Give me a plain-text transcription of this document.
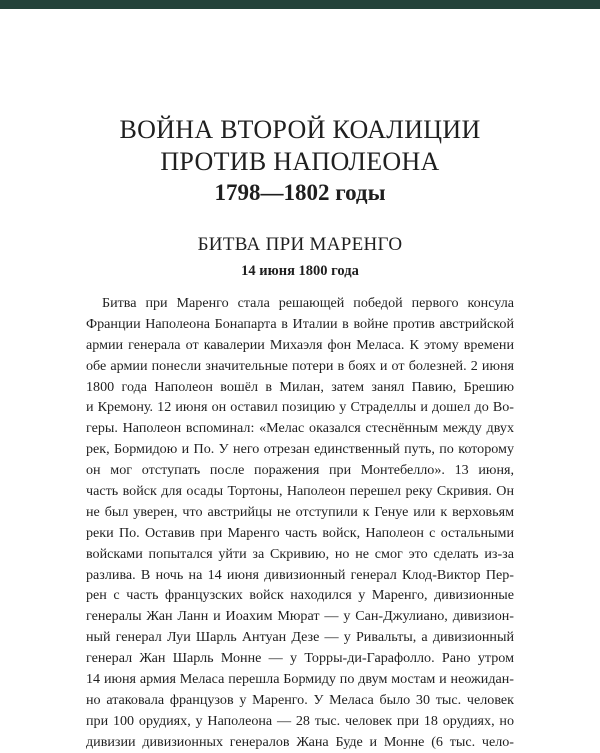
ВОЙНА ВТОРОЙ КОАЛИЦИИ
ПРОТИВ НАПОЛЕОНА
1798—1802 годы
БИТВА ПРИ МАРЕНГО
14 июня 1800 года
Битва при Маренго стала решающей победой первого консула
Франции Наполеона Бонапарта в Италии в войне против австрийской
армии генерала от кавалерии Михаэля фон Меласа. К этому времени
обе армии понесли значительные потери в боях и от болезней. 2 июня
1800 года Наполеон вошёл в Милан, затем занял Павию, Брешию
и Кремону. 12 июня он оставил позицию у Страделлы и дошел до Во-
геры. Наполеон вспоминал: «Мелас оказался стеснённым между двух
рек, Бормидою и По. У него отрезан единственный путь, по которому
он мог отступать после поражения при Монтебелло». 13 июня,
часть войск для осады Тортоны, Наполеон перешел реку Скривия. Он
не был уверен, что австрийцы не отступили к Генуе или к верховьям
реки По. Оставив при Маренго часть войск, Наполеон с остальными
войсками попытался уйти за Скривию, но не смог это сделать из-за
разлива. В ночь на 14 июня дивизионный генерал Клод-Виктор Пер-
рен с часть французских войск находился у Маренго, дивизионные
генералы Жан Ланн и Иоахим Мюрат — у Сан-Джулиано, дивизион-
ный генерал Луи Шарль Антуан Дезе — у Ривальты, а дивизионный
генерал Жан Шарль Монне — у Торры-ди-Гарафолло. Рано утром
14 июня армия Меласа перешла Бормиду по двум мостам и неожидан-
но атаковала французов у Маренго. У Меласа было 30 тыс. человек
при 100 орудиях, у Наполеона — 28 тыс. человек при 18 орудиях, но
дивизии дивизионных генералов Жана Буде и Монне (6 тыс. чело-
